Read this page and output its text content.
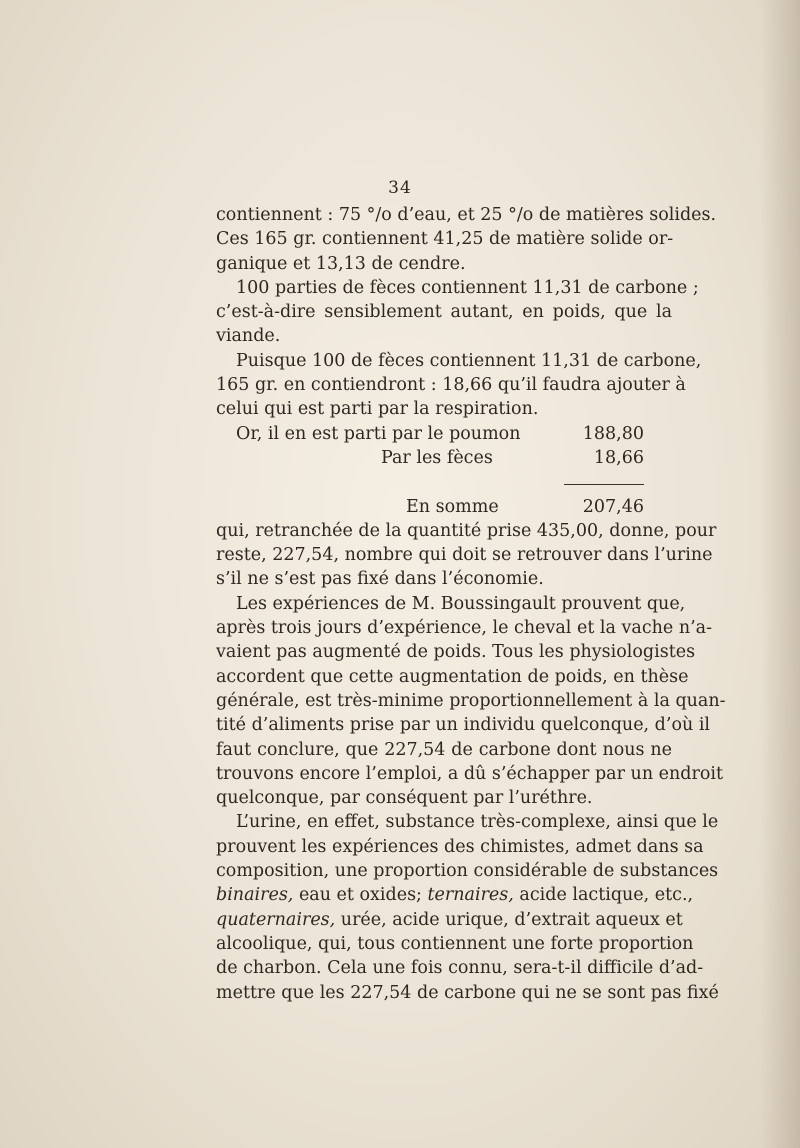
34
contiennent : 75 °/o d’eau, et 25 °/o de matières solides.
Ces 165 gr. contiennent 41,25 de matière solide or-
ganique et 13,13 de cendre.
100 parties de fèces contiennent 11,31 de carbone ;
c’est-à-dire sensiblement autant, en poids, que la
viande.
Puisque 100 de fèces contiennent 11,31 de carbone,
165 gr. en contiendront : 18,66 qu’il faudra ajouter à
celui qui est parti par la respiration.
Or, il en est parti par le poumon	188,80
Par les fèces	18,66
En somme	207,46
qui, retranchée de la quantité prise 435,00, donne, pour
reste, 227,54, nombre qui doit se retrouver dans l’urine
s’il ne s’est pas fixé dans l’économie.
Les expériences de M. Boussingault prouvent que,
après trois jours d’expérience, le cheval et la vache n’a-
vaient pas augmenté de poids. Tous les physiologistes
accordent que cette augmentation de poids, en thèse
générale, est très-minime proportionnellement à la quan-
tité d’aliments prise par un individu quelconque, d’où il
faut conclure, que 227,54 de carbone dont nous ne
trouvons encore l’emploi, a dû s’échapper par un endroit
quelconque, par conséquent par l’uréthre.
L’urine, en effet, substance très-complexe, ainsi que le
prouvent les expériences des chimistes, admet dans sa
composition, une proportion considérable de substances
binaires, eau et oxides; ternaires, acide lactique, etc.,
quaternaires, urée, acide urique, d’extrait aqueux et
alcoolique, qui, tous contiennent une forte proportion
de charbon. Cela une fois connu, sera-t-il difficile d’ad-
mettre que les 227,54 de carbone qui ne se sont pas fixé
